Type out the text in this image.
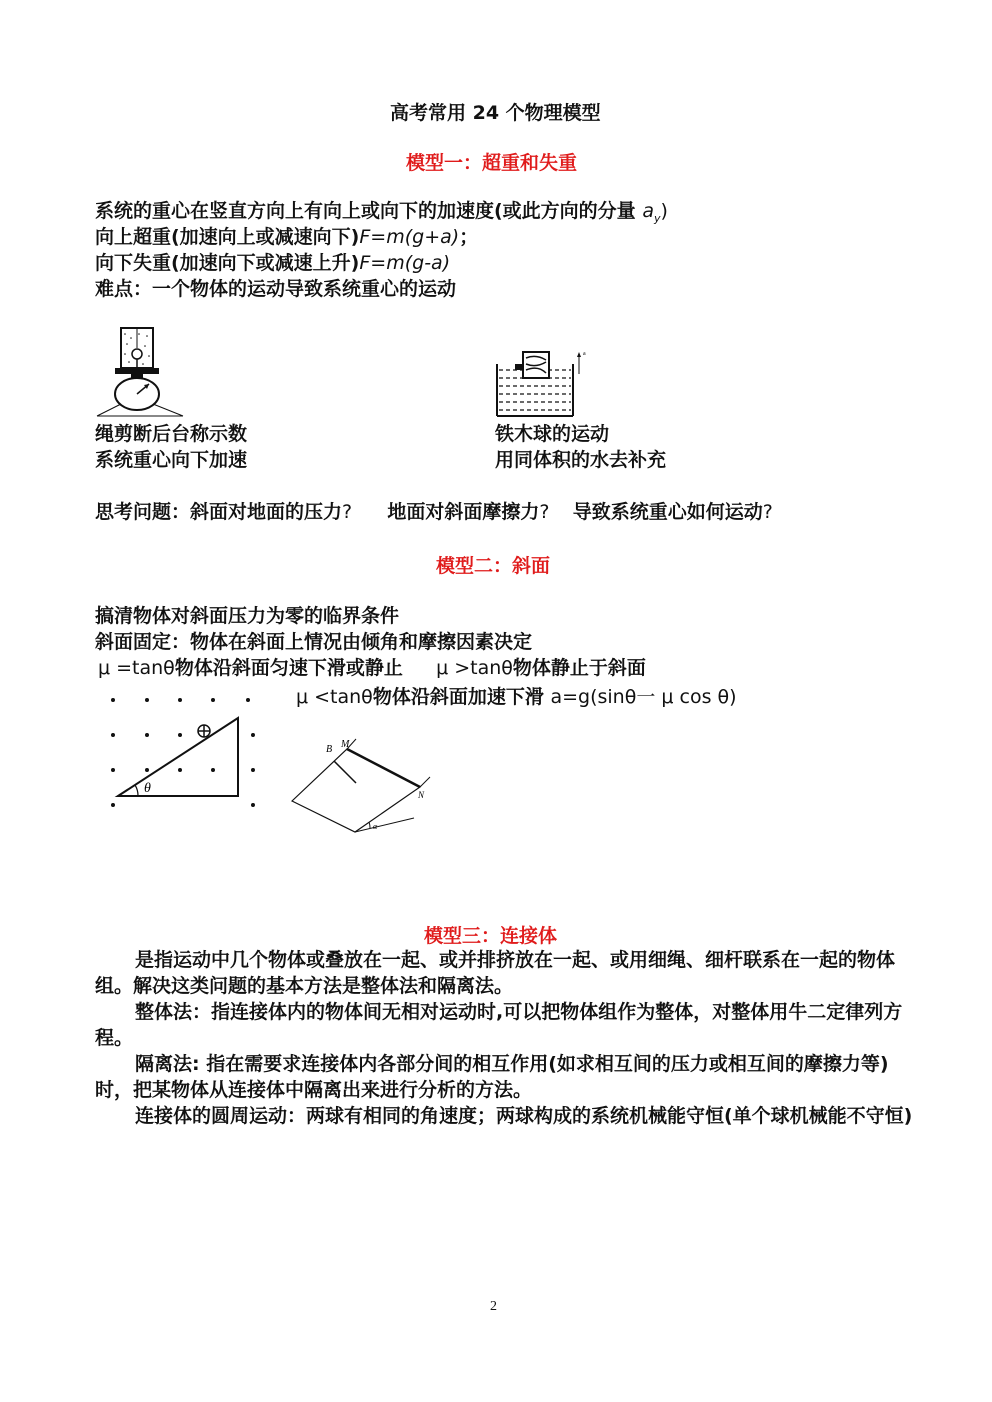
高考常用 24 个物理模型
模型一：超重和失重
系统的重心在竖直方向上有向上或向下的加速度(或此方向的分量 $a_y$)
向上超重(加速向上或减速向下)F=m(g+a)；
向下失重(加速向下或减速上升)F=m(g-a)
难点：一个物体的运动导致系统重心的运动
a
绳剪断后台称示数
系统重心向下加速
铁木球的运动
用同体积的水去补充
思考问题：斜面对地面的压力? 地面对斜面摩擦力? 导致系统重心如何运动?
模型二：斜面
搞清物体对斜面压力为零的临界条件
斜面固定：物体在斜面上情况由倾角和摩擦因素决定
μ =tanθ物体沿斜面匀速下滑或静止 μ >tanθ物体静止于斜面
μ <tanθ物体沿斜面加速下滑 a=g(sinθ一 μ cos θ)
θ
B M
N
α
模型三：连接体
是指运动中几个物体或叠放在一起、或并排挤放在一起、或用细绳、细杆联系在一起的物体组。解决这类问题的基本方法是整体法和隔离法。
整体法：指连接体内的物体间无相对运动时,可以把物体组作为整体，对整体用牛二定律列方程。
隔离法: 指在需要求连接体内各部分间的相互作用(如求相互间的压力或相互间的摩擦力等)时，把某物体从连接体中隔离出来进行分析的方法。
连接体的圆周运动：两球有相同的角速度；两球构成的系统机械能守恒(单个球机械能不守恒)
2
